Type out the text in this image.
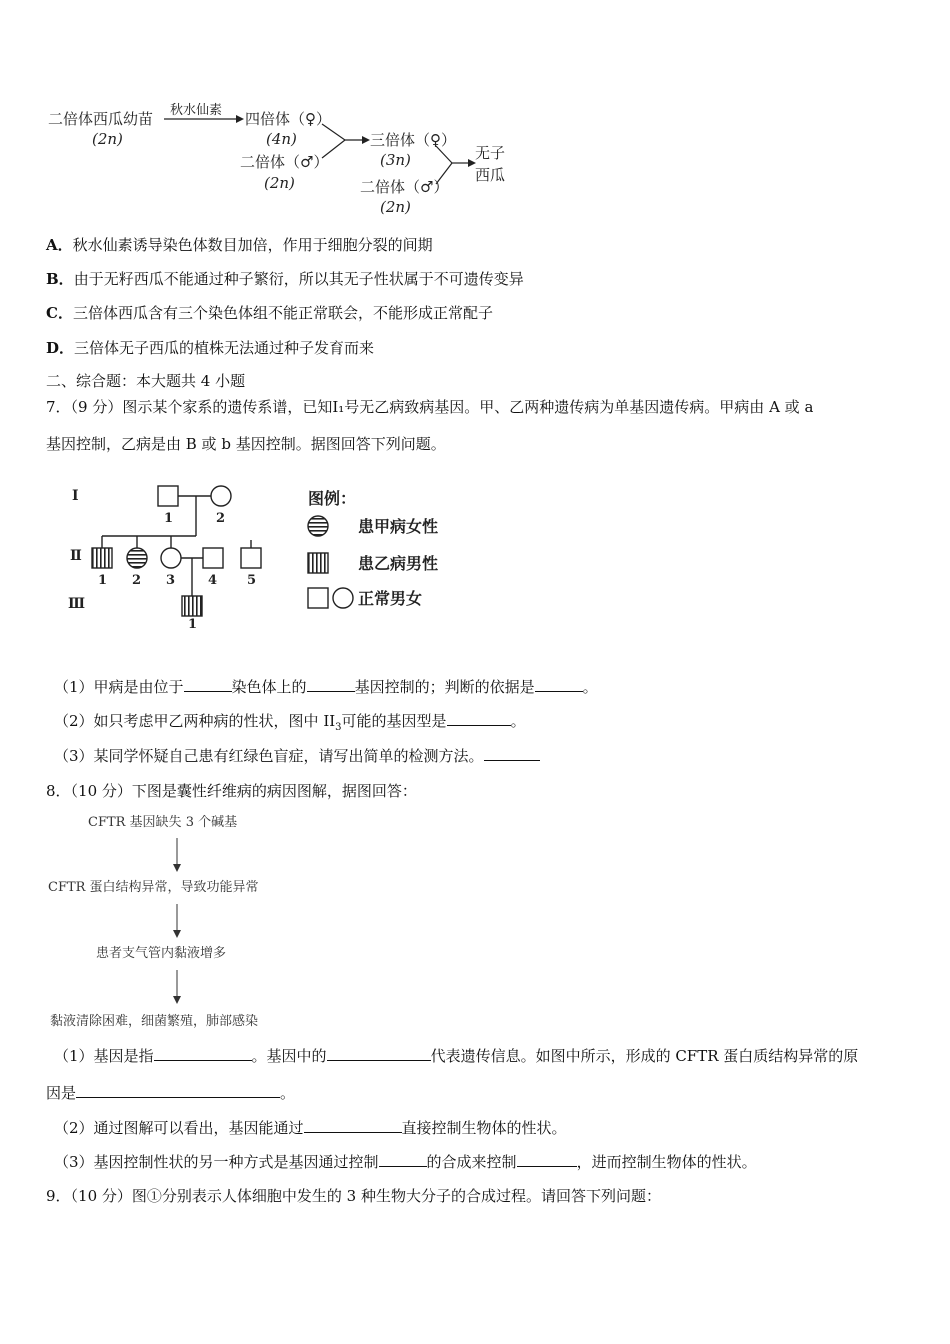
二倍体西瓜幼苗
(2n)
秋水仙素 四倍体（♀）
(4n)
二倍体（♂）
(2n)
三倍体（♀）
(3n)
二倍体（♂）
(2n)
无子
西瓜
A．秋水仙素诱导染色体数目加倍，作用于细胞分裂的间期
B．由于无籽西瓜不能通过种子繁衍，所以其无子性状属于不可遗传变异
C．三倍体西瓜含有三个染色体组不能正常联会，不能形成正常配子
D．三倍体无子西瓜的植株无法通过种子发育而来
二、综合题：本大题共 4 小题
7．（9 分）图示某个家系的遗传系谱，已知Ⅰ₁号无乙病致病基因。甲、乙两种遗传病为单基因遗传病。甲病由 A 或 a
基因控制，乙病是由 B 或 b 基因控制。据图回答下列问题。
Ⅰ
Ⅱ
Ⅲ
1	2
1 2 3	4 5
1
图例：
患甲病女性
患乙病男性
正常男女
（1）甲病是由位于	染色体上的	基因控制的；判断的依据是	。
（2）如只考虑甲乙两种病的性状，图中 $II_3$可能的基因型是	。
（3）某同学怀疑自己患有红绿色盲症，请写出简单的检测方法。
8．（10 分）下图是囊性纤维病的病因图解，据图回答：
CFTR 基因缺失 3 个碱基
CFTR 蛋白结构异常，导致功能异常
患者支气管内黏液增多
黏液清除困难，细菌繁殖，肺部感染
（1）基因是指	。基因中的	代表遗传信息。如图中所示，形成的 CFTR 蛋白质结构异常的原
因是	。
（2）通过图解可以看出，基因能通过	直接控制生物体的性状。
（3）基因控制性状的另一种方式是基因通过控制	的合成来控制	，进而控制生物体的性状。
9．（10 分）图①分别表示人体细胞中发生的 3 种生物大分子的合成过程。请回答下列问题：
